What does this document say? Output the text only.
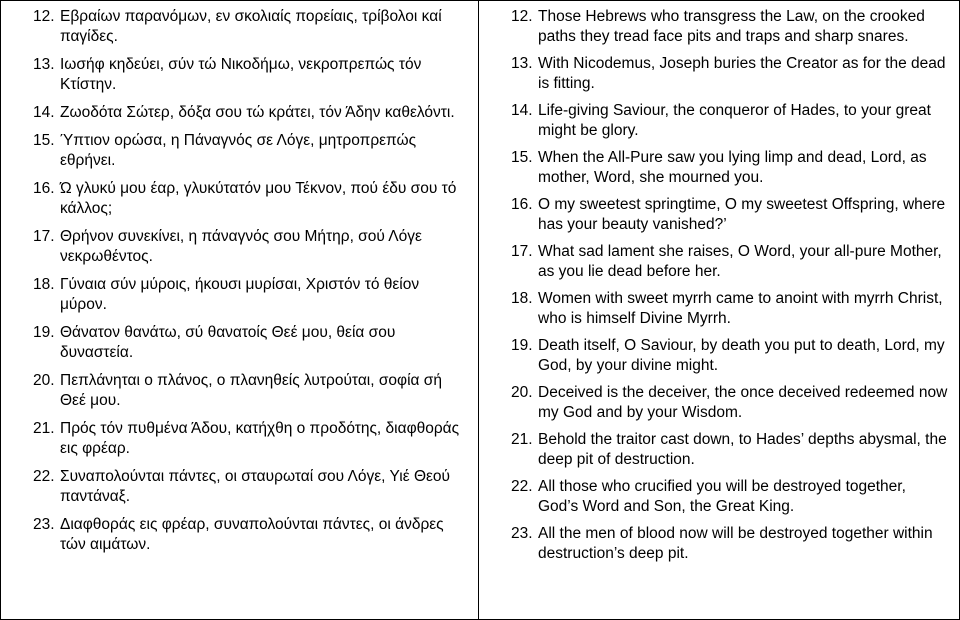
12. Εβραίων παρανόμων, εν σκολιαίς πορείαις, τρίβολοι καί παγίδες.
13. Ιωσήφ κηδεύει, σύν τώ Νικοδήμω, νεκροπρεπώς τόν Κτίστην.
14. Ζωοδότα Σώτερ, δόξα σου τώ κράτει, τόν Άδην καθελόντι.
15. Ύπτιον ορώσα, η Πάναγνός σε Λόγε, μητροπρεπώς εθρήνει.
16. Ώ γλυκύ μου έαρ, γλυκύτατόν μου Τέκνον, πού έδυ σου τό κάλλος;
17. Θρήνον συνεκίνει, η πάναγνός σου Μήτηρ, σού Λόγε νεκρωθέντος.
18. Γύναια σύν μύροις, ήκουσι μυρίσαι, Χριστόν τό θείον μύρον.
19. Θάνατον θανάτω, σύ θανατοίς Θεέ μου, θεία σου δυναστεία.
20. Πεπλάνηται ο πλάνος, ο πλανηθείς λυτρούται, σοφία σή Θεέ μου.
21. Πρός τόν πυθμένα Άδου, κατήχθη ο προδότης, διαφθοράς εις φρέαρ.
22. Συναπολούνται πάντες, οι σταυρωταί σου Λόγε, Υιέ Θεού παντάναξ.
23. Διαφθοράς εις φρέαρ, συναπολούνται πάντες, οι άνδρες τών αιμάτων.
12. Those Hebrews who transgress the Law, on the crooked paths they tread face pits and traps and sharp snares.
13. With Nicodemus, Joseph buries the Creator as for the dead is fitting.
14. Life-giving Saviour, the conqueror of Hades, to your great might be glory.
15. When the All-Pure saw you lying limp and dead, Lord, as mother, Word, she mourned you.
16. O my sweetest springtime, O my sweetest Offspring, where has your beauty vanished?’
17. What sad lament she raises, O Word, your all-pure Mother, as you lie dead before her.
18. Women with sweet myrrh came to anoint with myrrh Christ, who is himself Divine Myrrh.
19. Death itself, O Saviour, by death you put to death, Lord, my God, by your divine might.
20. Deceived is the deceiver, the once deceived redeemed now my God and by your Wisdom.
21. Behold the traitor cast down, to Hades’ depths abysmal, the deep pit of destruction.
22. All those who crucified you will be destroyed together, God’s Word and Son, the Great King.
23. All the men of blood now will be destroyed together within destruction’s deep pit.
